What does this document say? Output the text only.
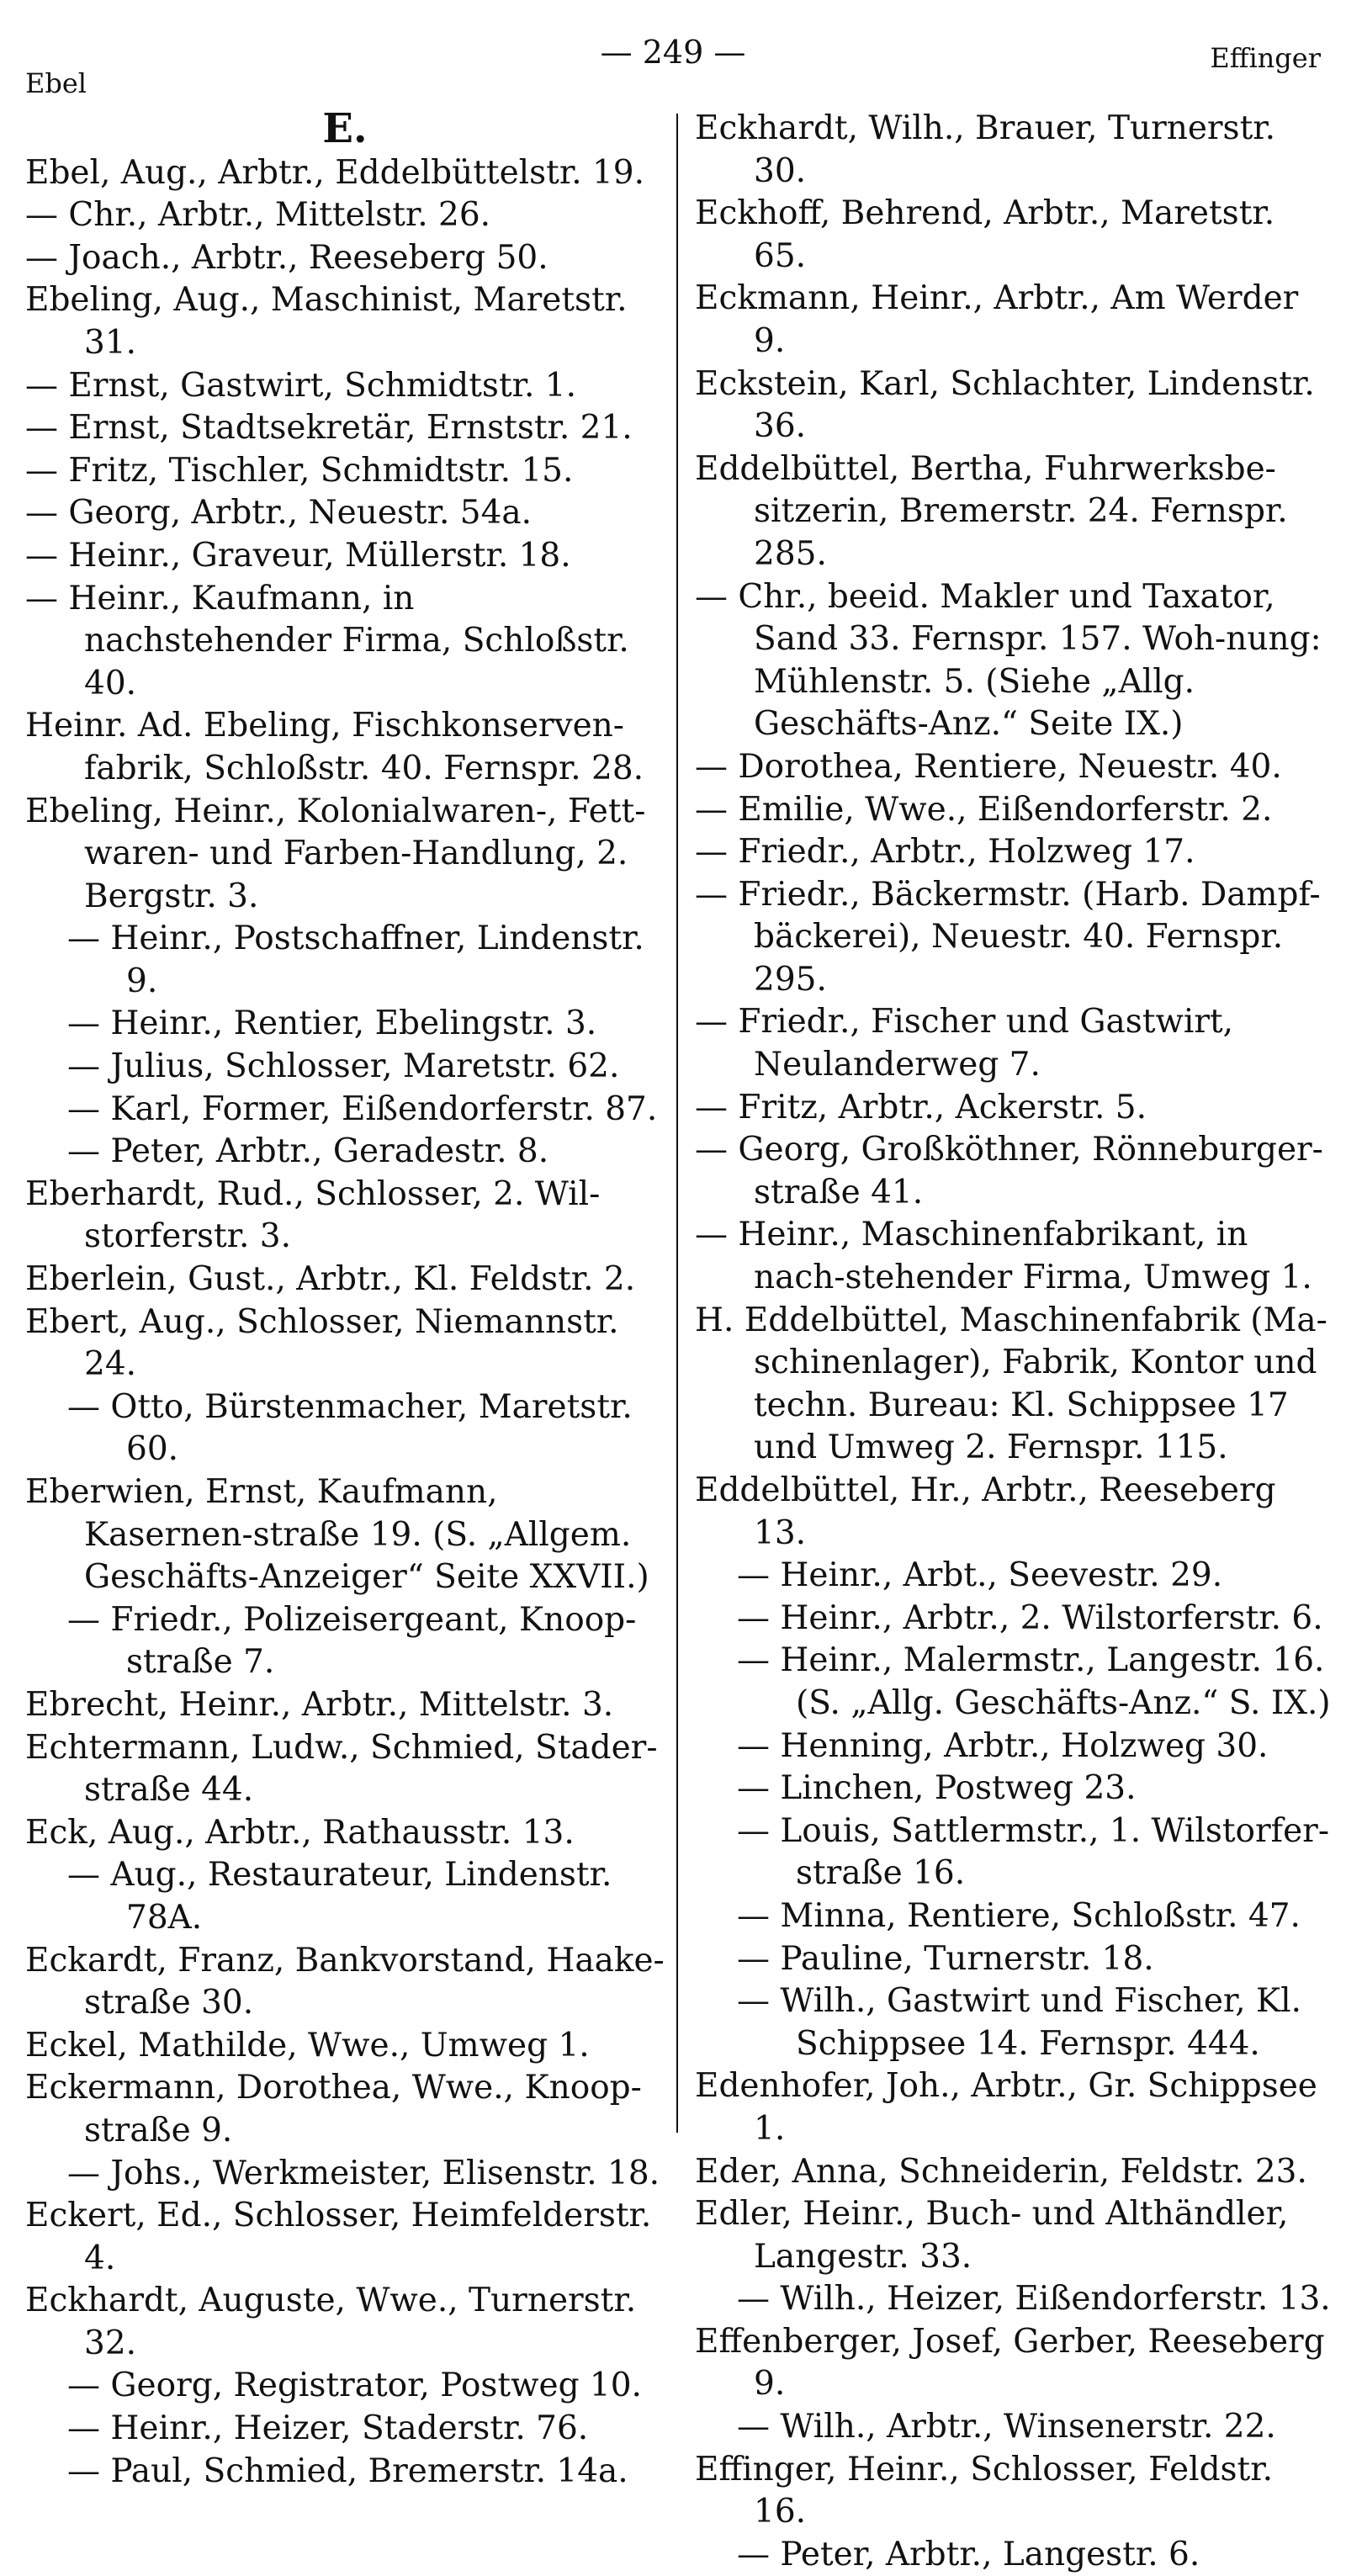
Ebel
— 249 —	Effinger
E.

Ebel, Aug., Arbtr., Eddelbüttelstr. 19.

— Chr., Arbtr., Mittelstr. 26.

— Joach., Arbtr., Reeseberg 50.

Ebeling, Aug., Maschinist, Maretstr. 31.

— Ernst, Gastwirt, Schmidtstr. 1.

— Ernst, Stadtsekretär, Ernststr. 21.

— Fritz, Tischler, Schmidtstr. 15.

— Georg, Arbtr., Neuestr. 54a.

— Heinr., Graveur, Müllerstr. 18.

— Heinr., Kaufmann, in nachstehender Firma, Schloßstr. 40.

Heinr. Ad. Ebeling, Fischkonserven-fabrik, Schloßstr. 40. Fernspr. 28.

Ebeling, Heinr., Kolonialwaren-, Fett-waren- und Farben-Handlung, 2. Bergstr. 3.

— Heinr., Postschaffner, Lindenstr. 9.

— Heinr., Rentier, Ebelingstr. 3.

— Julius, Schlosser, Maretstr. 62.

— Karl, Former, Eißendorferstr. 87.

— Peter, Arbtr., Geradestr. 8.

Eberhardt, Rud., Schlosser, 2. Wil-storferstr. 3.

Eberlein, Gust., Arbtr., Kl. Feldstr. 2.

Ebert, Aug., Schlosser, Niemannstr. 24.

— Otto, Bürstenmacher, Maretstr. 60.

Eberwien, Ernst, Kaufmann, Kasernen-straße 19. (S. „Allgem. Geschäfts-Anzeiger“ Seite XXVII.)

— Friedr., Polizeisergeant, Knoop-straße 7.

Ebrecht, Heinr., Arbtr., Mittelstr. 3.

Echtermann, Ludw., Schmied, Stader-straße 44.

Eck, Aug., Arbtr., Rathausstr. 13.

— Aug., Restaurateur, Lindenstr. 78A.

Eckardt, Franz, Bankvorstand, Haake-straße 30.

Eckel, Mathilde, Wwe., Umweg 1.

Eckermann, Dorothea, Wwe., Knoop-straße 9.

— Johs., Werkmeister, Elisenstr. 18.

Eckert, Ed., Schlosser, Heimfelderstr. 4.

Eckhardt, Auguste, Wwe., Turnerstr. 32.

— Georg, Registrator, Postweg 10.

— Heinr., Heizer, Staderstr. 76.

— Paul, Schmied, Bremerstr. 14a.

Eckhardt, Wilh., Brauer, Turnerstr. 30.

Eckhoff, Behrend, Arbtr., Maretstr. 65.

Eckmann, Heinr., Arbtr., Am Werder 9.

Eckstein, Karl, Schlachter, Lindenstr. 36.

Eddelbüttel, Bertha, Fuhrwerksbe-sitzerin, Bremerstr. 24. Fernspr. 285.

— Chr., beeid. Makler und Taxator, Sand 33. Fernspr. 157. Woh-nung: Mühlenstr. 5. (Siehe „Allg. Geschäfts-Anz.“ Seite IX.)

— Dorothea, Rentiere, Neuestr. 40.

— Emilie, Wwe., Eißendorferstr. 2.

— Friedr., Arbtr., Holzweg 17.

— Friedr., Bäckermstr. (Harb. Dampf-bäckerei), Neuestr. 40. Fernspr. 295.

— Friedr., Fischer und Gastwirt, Neulanderweg 7.

— Fritz, Arbtr., Ackerstr. 5.

— Georg, Großköthner, Rönneburger-straße 41.

— Heinr., Maschinenfabrikant, in nach-stehender Firma, Umweg 1.

H. Eddelbüttel, Maschinenfabrik (Ma-schinenlager), Fabrik, Kontor und techn. Bureau: Kl. Schippsee 17 und Umweg 2. Fernspr. 115.

Eddelbüttel, Hr., Arbtr., Reeseberg 13.

— Heinr., Arbt., Seevestr. 29.

— Heinr., Arbtr., 2. Wilstorferstr. 6.

— Heinr., Malermstr., Langestr. 16. (S. „Allg. Geschäfts-Anz.“ S. IX.)

— Henning, Arbtr., Holzweg 30.

— Linchen, Postweg 23.

— Louis, Sattlermstr., 1. Wilstorfer-straße 16.

— Minna, Rentiere, Schloßstr. 47.

— Pauline, Turnerstr. 18.

— Wilh., Gastwirt und Fischer, Kl. Schippsee 14. Fernspr. 444.

Edenhofer, Joh., Arbtr., Gr. Schippsee 1.

Eder, Anna, Schneiderin, Feldstr. 23.

Edler, Heinr., Buch- und Althändler, Langestr. 33.

— Wilh., Heizer, Eißendorferstr. 13.

Effenberger, Josef, Gerber, Reeseberg 9.

— Wilh., Arbtr., Winsenerstr. 22.

Effinger, Heinr., Schlosser, Feldstr. 16.

— Peter, Arbtr., Langestr. 6.
